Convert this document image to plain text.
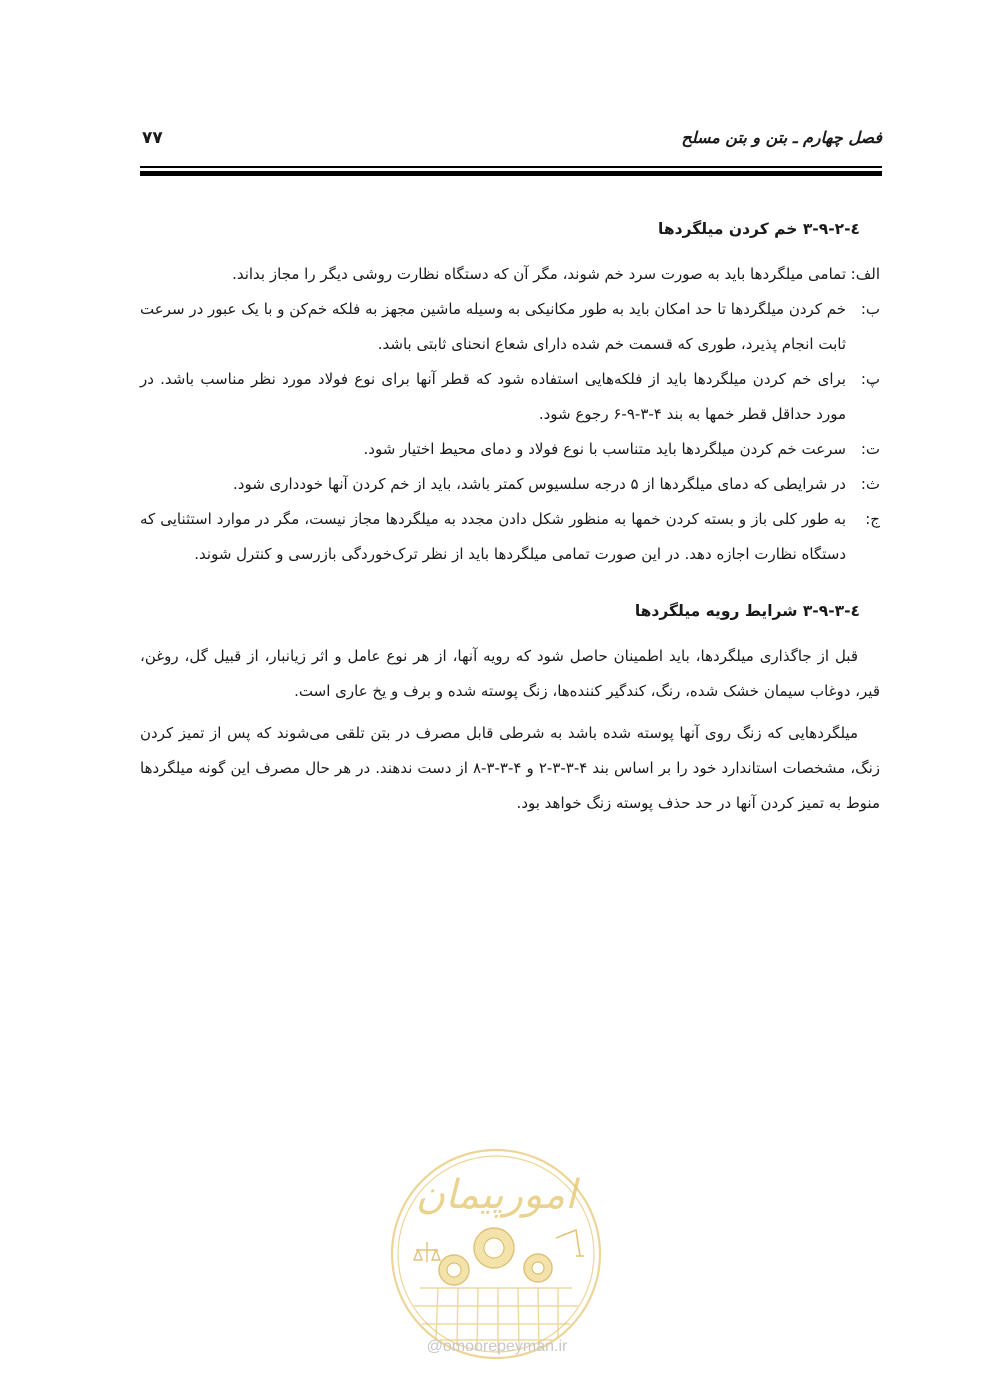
فصل چهارم ـ بتن و بتن مسلح
۷۷
٤-۳-۹-۲ خم کردن میلگردها
الف:
تمامی میلگردها باید به صورت سرد خم شوند، مگر آن که دستگاه نظارت روشی دیگر را مجاز بداند.
ب:
خم کردن میلگردها تا حد امکان باید به طور مکانیکی به وسیله ماشین مجهز به فلکه خم‌کن و با یک عبور در سرعت ثابت انجام پذیرد، طوری که قسمت خم شده دارای شعاع انحنای ثابتی باشد.
پ:
برای خم کردن میلگردها باید از فلکه‌هایی استفاده شود که قطر آنها برای نوع فولاد مورد نظر مناسب باشد. در مورد حداقل قطر خمها به بند ۴-۳-۹-۶ رجوع شود.
ت:
سرعت خم کردن میلگردها باید متناسب با نوع فولاد و دمای محیط اختیار شود.
ث:
در شرایطی که دمای میلگردها از ۵ درجه سلسیوس کمتر باشد، باید از خم کردن آنها خودداری شود.
ج:
به طور کلی باز و بسته کردن خمها به منظور شکل دادن مجدد به میلگردها مجاز نیست، مگر در موارد استثنایی که دستگاه نظارت اجازه دهد. در این صورت تمامی میلگردها باید از نظر ترک‌خوردگی بازرسی و کنترل شوند.
٤-۳-۹-۳ شرایط رویه میلگردها

قبل از جاگذاری میلگردها، باید اطمینان حاصل شود که رویه آنها، از هر نوع عامل و اثر زیانبار، از قبیل گل، روغن، قیر، دوغاب سیمان خشک شده، رنگ، کندگیر کننده‌ها، زنگ پوسته شده و برف و یخ عاری است.

میلگردهایی که زنگ روی آنها پوسته شده باشد به شرطی قابل مصرف در بتن تلقی می‌شوند که پس از تمیز کردن زنگ، مشخصات استاندارد خود را بر اساس بند ۴-۳-۳-۲ و ۴-۳-۳-۸ از دست ندهند. در هر حال مصرف این گونه میلگردها منوط به تمیز کردن آنها در حد حذف پوسته زنگ خواهد بود.

امورپیمان
@omoorepeyman.ir
